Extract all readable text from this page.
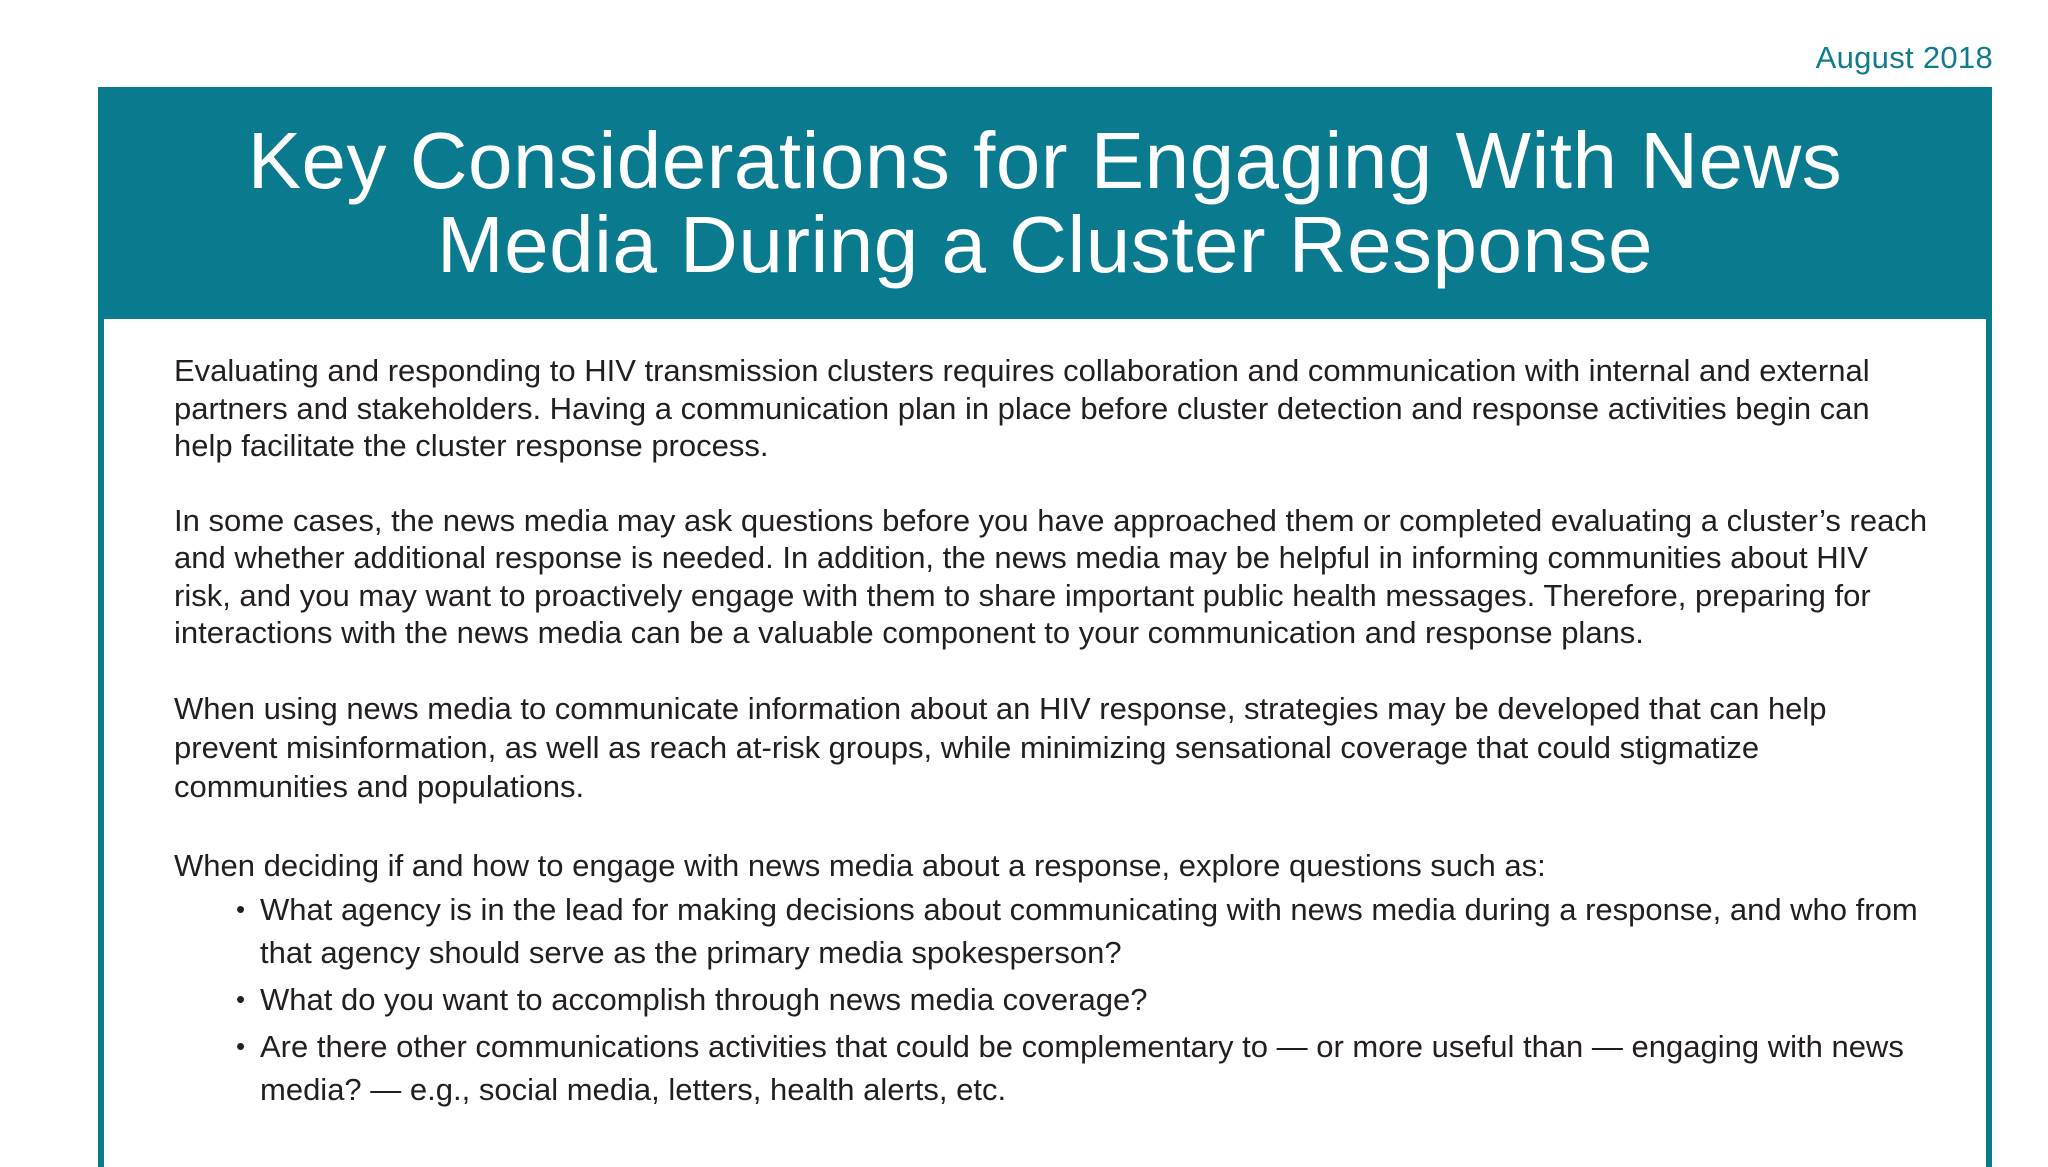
August 2018
Key Considerations for Engaging With News
Media During a Cluster Response

Evaluating and responding to HIV transmission clusters requires collaboration and communication with internal and external partners and stakeholders. Having a communication plan in place before cluster detection and response activities begin can help facilitate the cluster response process.

In some cases, the news media may ask questions before you have approached them or completed evaluating a cluster’s reach and whether additional response is needed. In addition, the news media may be helpful in informing communities about HIV risk, and you may want to proactively engage with them to share important public health messages. Therefore, preparing for interactions with the news media can be a valuable component to your communication and response plans.

When using news media to communicate information about an HIV response, strategies may be developed that can help prevent misinformation, as well as reach at-risk groups, while minimizing sensational coverage that could stigmatize communities and populations.

When deciding if and how to engage with news media about a response, explore questions such as:

• What agency is in the lead for making decisions about communicating with news media during a response, and who from that agency should serve as the primary media spokesperson?
• What do you want to accomplish through news media coverage?
• Are there other communications activities that could be complementary to — or more useful than — engaging with news media? — e.g., social media, letters, health alerts, etc.
